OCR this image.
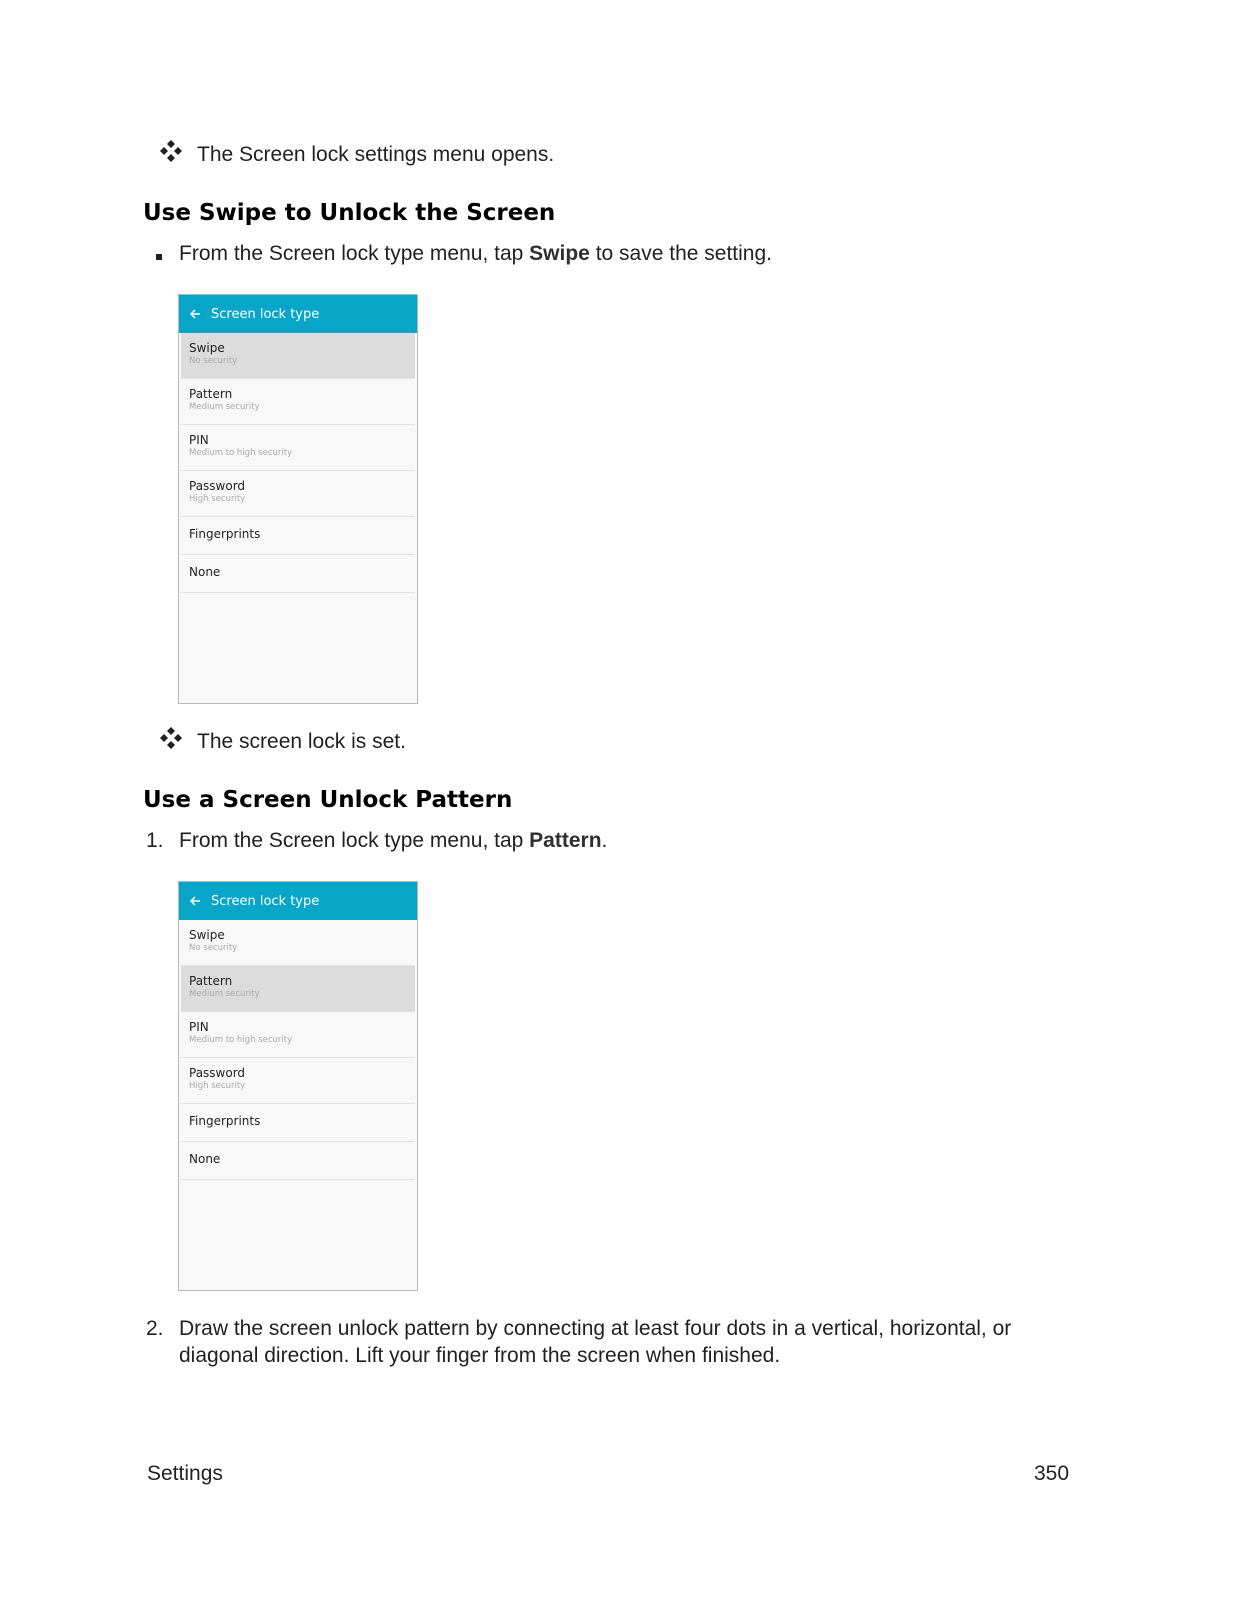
The Screen lock settings menu opens.
Use Swipe to Unlock the Screen
From the Screen lock type menu, tap Swipe to save the setting.
Screen lock type
Swipe
No security
Pattern
Medium security
PIN
Medium to high security
Password
High security
Fingerprints
None
The screen lock is set.
Use a Screen Unlock Pattern
1. From the Screen lock type menu, tap Pattern.
Screen lock type
Swipe
No security
Pattern
Medium security
PIN
Medium to high security
Password
High security
Fingerprints
None
2. Draw the screen unlock pattern by connecting at least four dots in a vertical, horizontal, or
diagonal direction. Lift your finger from the screen when finished.
Settings	350
